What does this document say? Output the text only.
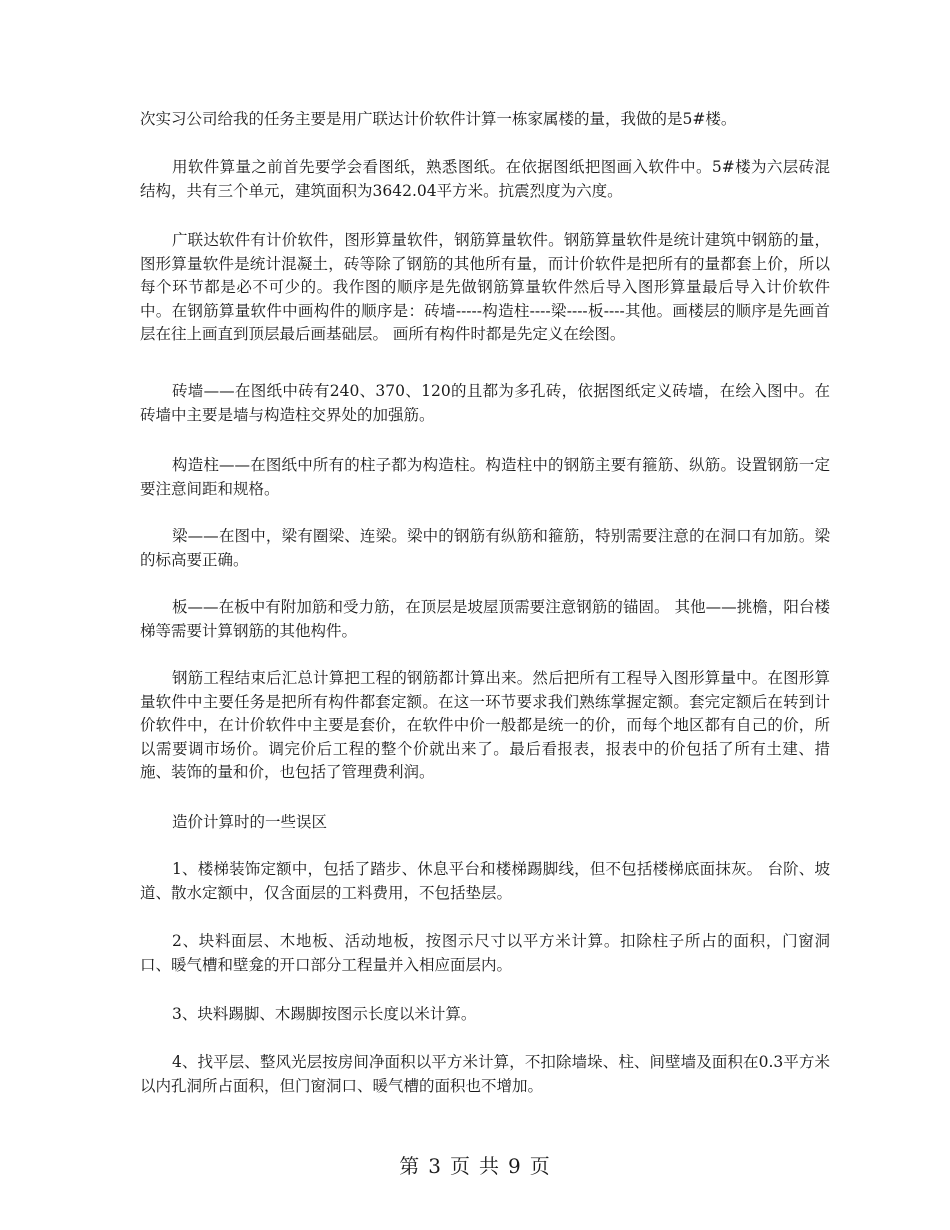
次实习公司给我的任务主要是用广联达计价软件计算一栋家属楼的量，我做的是5#楼。

用软件算量之前首先要学会看图纸，熟悉图纸。在依据图纸把图画入软件中。5#楼为六层砖混结构，共有三个单元，建筑面积为3642.04平方米。抗震烈度为六度。

广联达软件有计价软件，图形算量软件，钢筋算量软件。钢筋算量软件是统计建筑中钢筋的量，图形算量软件是统计混凝土，砖等除了钢筋的其他所有量，而计价软件是把所有的量都套上价，所以每个环节都是必不可少的。我作图的顺序是先做钢筋算量软件然后导入图形算量最后导入计价软件中。在钢筋算量软件中画构件的顺序是：砖墙-----构造柱----梁----板----其他。画楼层的顺序是先画首层在往上画直到顶层最后画基础层。 画所有构件时都是先定义在绘图。

砖墙——在图纸中砖有240、370、120的且都为多孔砖，依据图纸定义砖墙，在绘入图中。在砖墙中主要是墙与构造柱交界处的加强筋。

构造柱——在图纸中所有的柱子都为构造柱。构造柱中的钢筋主要有箍筋、纵筋。设置钢筋一定要注意间距和规格。

梁——在图中，梁有圈梁、连梁。梁中的钢筋有纵筋和箍筋，特别需要注意的在洞口有加筋。梁的标高要正确。

板——在板中有附加筋和受力筋，在顶层是坡屋顶需要注意钢筋的锚固。 其他——挑檐，阳台楼梯等需要计算钢筋的其他构件。

钢筋工程结束后汇总计算把工程的钢筋都计算出来。然后把所有工程导入图形算量中。在图形算量软件中主要任务是把所有构件都套定额。在这一环节要求我们熟练掌握定额。套完定额后在转到计价软件中，在计价软件中主要是套价，在软件中价一般都是统一的价，而每个地区都有自己的价，所以需要调市场价。调完价后工程的整个价就出来了。最后看报表，报表中的价包括了所有土建、措施、装饰的量和价，也包括了管理费利润。

造价计算时的一些误区

1、楼梯装饰定额中，包括了踏步、休息平台和楼梯踢脚线，但不包括楼梯底面抹灰。 台阶、坡道、散水定额中，仅含面层的工料费用，不包括垫层。

2、块料面层、木地板、活动地板，按图示尺寸以平方米计算。扣除柱子所占的面积，门窗洞口、暖气槽和壁龛的开口部分工程量并入相应面层内。

3、块料踢脚、木踢脚按图示长度以米计算。

4、找平层、整风光层按房间净面积以平方米计算，不扣除墙垛、柱、间壁墙及面积在0.3平方米以内孔洞所占面积，但门窗洞口、暖气槽的面积也不增加。

第 3 页 共 9 页
